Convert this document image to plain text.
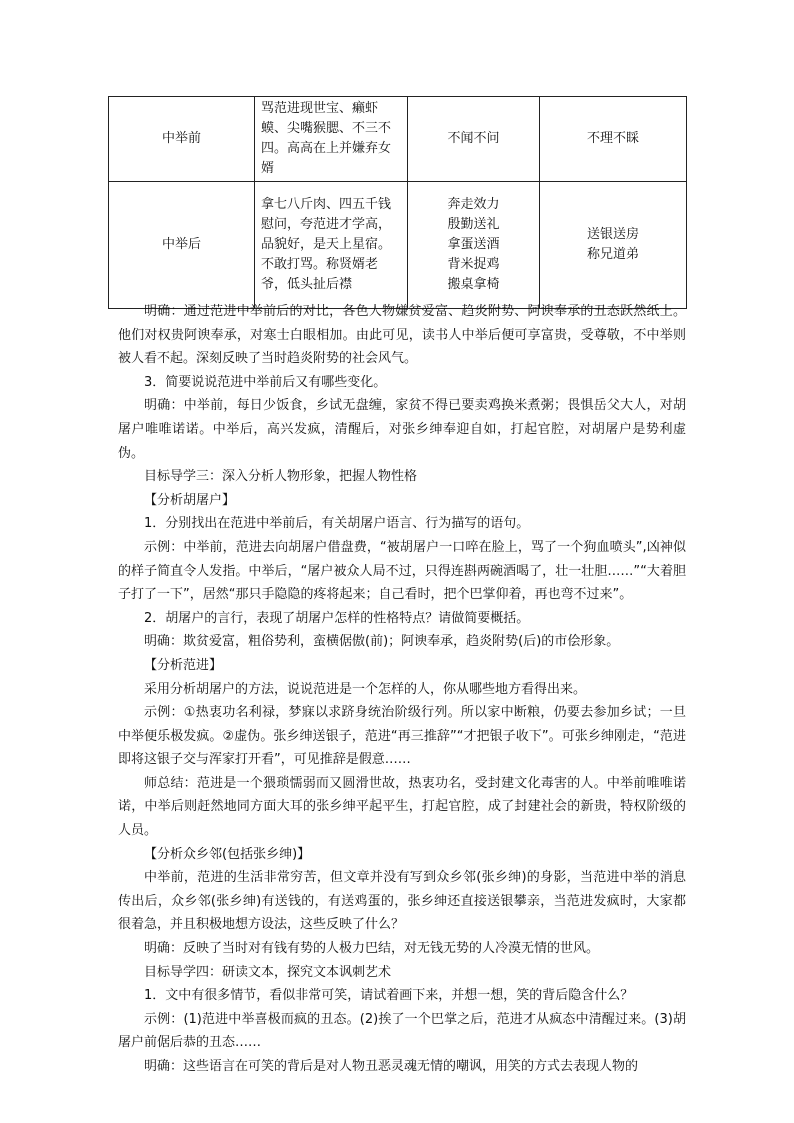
中举前	骂范进现世宝、癞虾蟆、尖嘴猴腮、不三不四。高高在上并嫌弃女婿	不闻不问	不理不睬

中举后	拿七八斤肉、四五千钱慰问，夸范进才学高，品貌好，是天上星宿。不敢打骂。称贤婿老爷，低头扯后襟	奔走效力
殷勤送礼
拿蛋送酒
背米捉鸡
搬桌拿椅	送银送房
称兄道弟

明确：通过范进中举前后的对比，各色人物嫌贫爱富、趋炎附势、阿谀奉承的丑态跃然纸上。他们对权贵阿谀奉承，对寒士白眼相加。由此可见，读书人中举后便可享富贵，受尊敬，不中举则被人看不起。深刻反映了当时趋炎附势的社会风气。

3．简要说说范进中举前后又有哪些变化。

明确：中举前，每日少饭食，乡试无盘缠，家贫不得已要卖鸡换米煮粥；畏惧岳父大人，对胡屠户唯唯诺诺。中举后，高兴发疯，清醒后，对张乡绅奉迎自如，打起官腔，对胡屠户是势利虚伪。

目标导学三：深入分析人物形象，把握人物性格

【分析胡屠户】

1．分别找出在范进中举前后，有关胡屠户语言、行为描写的语句。

示例：中举前，范进去向胡屠户借盘费，“被胡屠户一口啐在脸上，骂了一个狗血喷头”,凶神似的样子简直令人发指。中举后，“屠户被众人局不过，只得连斟两碗酒喝了，壮一壮胆……”“大着胆子打了一下”，居然“那只手隐隐的疼将起来；自己看时，把个巴掌仰着，再也弯不过来”。

2．胡屠户的言行，表现了胡屠户怎样的性格特点？请做简要概括。

明确：欺贫爱富，粗俗势利，蛮横倨傲(前)；阿谀奉承，趋炎附势(后)的市侩形象。

【分析范进】

采用分析胡屠户的方法，说说范进是一个怎样的人，你从哪些地方看得出来。

示例：①热衷功名利禄，梦寐以求跻身统治阶级行列。所以家中断粮，仍要去参加乡试；一旦中举便乐极发疯。②虚伪。张乡绅送银子，范进“再三推辞”“才把银子收下”。可张乡绅刚走，“范进即将这银子交与浑家打开看”，可见推辞是假意……

师总结：范进是一个猥琐懦弱而又圆滑世故，热衷功名，受封建文化毒害的人。中举前唯唯诺诺，中举后则赶然地同方面大耳的张乡绅平起平生，打起官腔，成了封建社会的新贵，特权阶级的人员。

【分析众乡邻(包括张乡绅)】

中举前，范进的生活非常穷苦，但文章并没有写到众乡邻(张乡绅)的身影，当范进中举的消息传出后，众乡邻(张乡绅)有送钱的，有送鸡蛋的，张乡绅还直接送银攀亲，当范进发疯时，大家都很着急，并且积极地想方设法，这些反映了什么？

明确：反映了当时对有钱有势的人极力巴结，对无钱无势的人冷漠无情的世风。

目标导学四：研读文本，探究文本讽刺艺术

1．文中有很多情节，看似非常可笑，请试着画下来，并想一想，笑的背后隐含什么？

示例：(1)范进中举喜极而疯的丑态。(2)挨了一个巴掌之后，范进才从疯态中清醒过来。(3)胡屠户前倨后恭的丑态……

明确：这些语言在可笑的背后是对人物丑恶灵魂无情的嘲讽，用笑的方式去表现人物的
